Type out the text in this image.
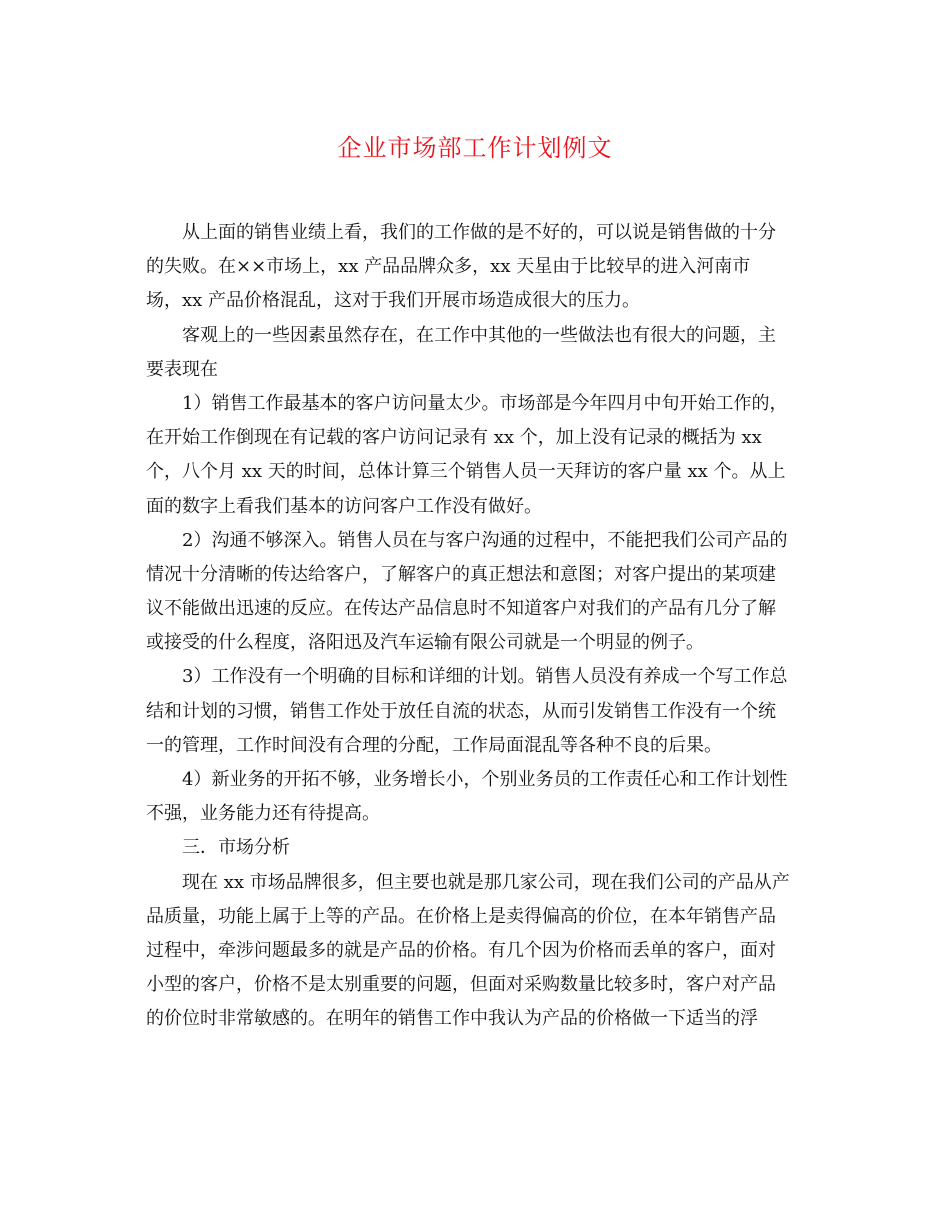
企业市场部工作计划例文
从上面的销售业绩上看，我们的工作做的是不好的，可以说是销售做的十分
的失败。在××市场上，xx 产品品牌众多，xx 天星由于比较早的进入河南市
场，xx 产品价格混乱，这对于我们开展市场造成很大的压力。
客观上的一些因素虽然存在，在工作中其他的一些做法也有很大的问题，主
要表现在
1）销售工作最基本的客户访问量太少。市场部是今年四月中旬开始工作的，
在开始工作倒现在有记载的客户访问记录有 xx 个，加上没有记录的概括为 xx
个，八个月 xx 天的时间，总体计算三个销售人员一天拜访的客户量 xx 个。从上
面的数字上看我们基本的访问客户工作没有做好。
2）沟通不够深入。销售人员在与客户沟通的过程中，不能把我们公司产品的
情况十分清晰的传达给客户，了解客户的真正想法和意图；对客户提出的某项建
议不能做出迅速的反应。在传达产品信息时不知道客户对我们的产品有几分了解
或接受的什么程度，洛阳迅及汽车运输有限公司就是一个明显的例子。
3）工作没有一个明确的目标和详细的计划。销售人员没有养成一个写工作总
结和计划的习惯，销售工作处于放任自流的状态，从而引发销售工作没有一个统
一的管理，工作时间没有合理的分配，工作局面混乱等各种不良的后果。
4）新业务的开拓不够，业务增长小，个别业务员的工作责任心和工作计划性
不强，业务能力还有待提高。
三．市场分析
现在 xx 市场品牌很多，但主要也就是那几家公司，现在我们公司的产品从产
品质量，功能上属于上等的产品。在价格上是卖得偏高的价位，在本年销售产品
过程中，牵涉问题最多的就是产品的价格。有几个因为价格而丢单的客户，面对
小型的客户，价格不是太别重要的问题，但面对采购数量比较多时，客户对产品
的价位时非常敏感的。在明年的销售工作中我认为产品的价格做一下适当的浮
